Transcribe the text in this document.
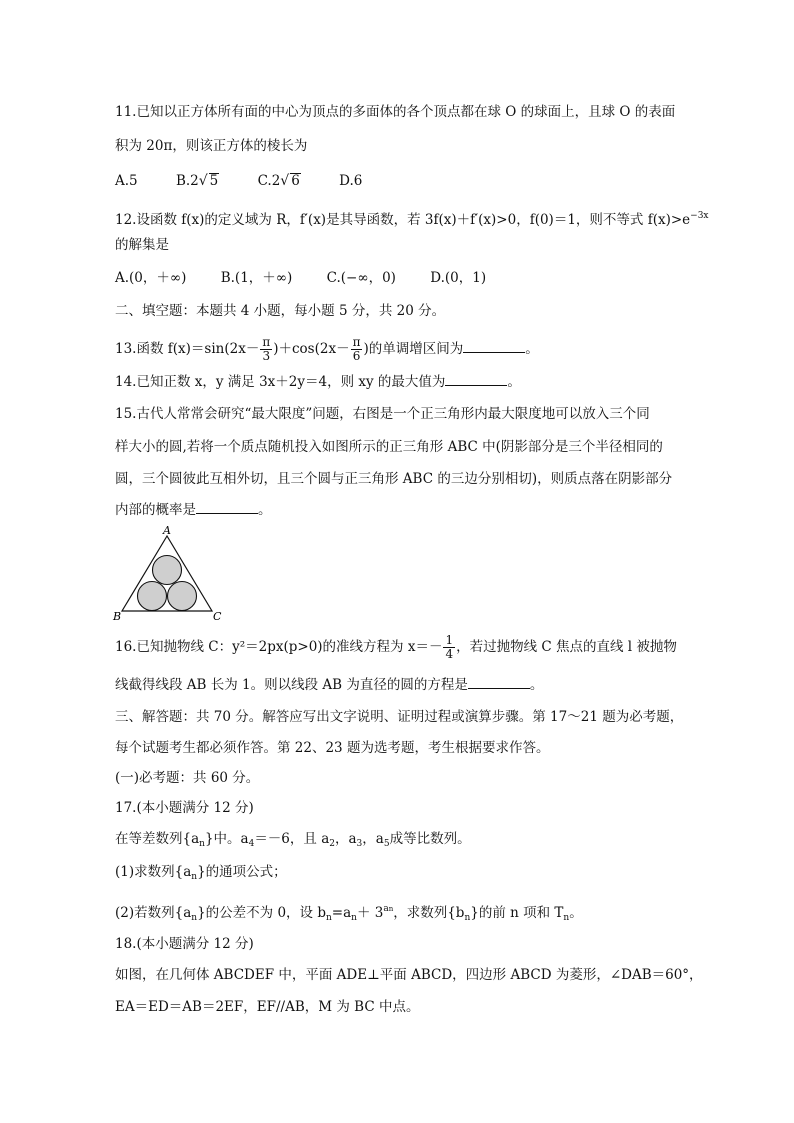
11.已知以正方体所有面的中心为顶点的多面体的各个顶点都在球 O 的球面上，且球 O 的表面
积为 20π，则该正方体的棱长为
A.5	B.2√ 5	C.2√ 6	D.6
12.设函数 f(x)的定义域为 R，f′(x)是其导函数，若 3f(x)＋f′(x)>0，f(0)＝1，则不等式 $f(x)>e^{-3x}$
的解集是
A.(0，＋∞)	B.(1，＋∞)	C.(−∞，0)	D.(0，1)
二、填空题：本题共 4 小题，每小题 5 分，共 20 分。
13.函数 $f(x)=\sin(2x- \frac{\pi}{3} )+\cos(2x- \frac{\pi}{6}$ )的单调增区间为	。
14.已知正数 x，y 满足 3x＋2y＝4，则 xy 的最大值为	。
15.古代人常常会研究“最大限度”问题，右图是一个正三角形内最大限度地可以放入三个同
样大小的圆,若将一个质点随机投入如图所示的正三角形 ABC 中(阴影部分是三个半径相同的
圆，三个圆彼此互相外切，且三个圆与正三角形 ABC 的三边分别相切)，则质点落在阴影部分
内部的概率是	。
A
B	C
16.已知抛物线 C：y²＝2px(p>0)的准线方程为 $x=- \frac{1}{4}$ ，若过抛物线 C 焦点的直线 l 被抛物
线截得线段 AB 长为 1。则以线段 AB 为直径的圆的方程是	。
三、解答题：共 70 分。解答应写出文字说明、证明过程或演算步骤。第 17～21 题为必考题，
每个试题考生都必须作答。第 22、23 题为选考题，考生根据要求作答。
(一)必考题：共 60 分。
17.(本小题满分 12 分)
在等差数列$\{a_n\}$中。$a_4=-6$，且 $a_2$，$a_3$，$a_5$成等比数列。
(1)求数列$\{a_n\}$的通项公式；
(2)若数列$\{a_n\}$的公差不为 0，设 $b_n=a_n+ 3^{an}$，求数列$\{b_n\}$的前 n 项和 $T_n$。
18.(本小题满分 12 分)
如图，在几何体 ABCDEF 中，平面 ADE⊥平面 ABCD，四边形 ABCD 为菱形，∠DAB＝60°，
EA＝ED＝AB＝2EF，EF//AB，M 为 BC 中点。
